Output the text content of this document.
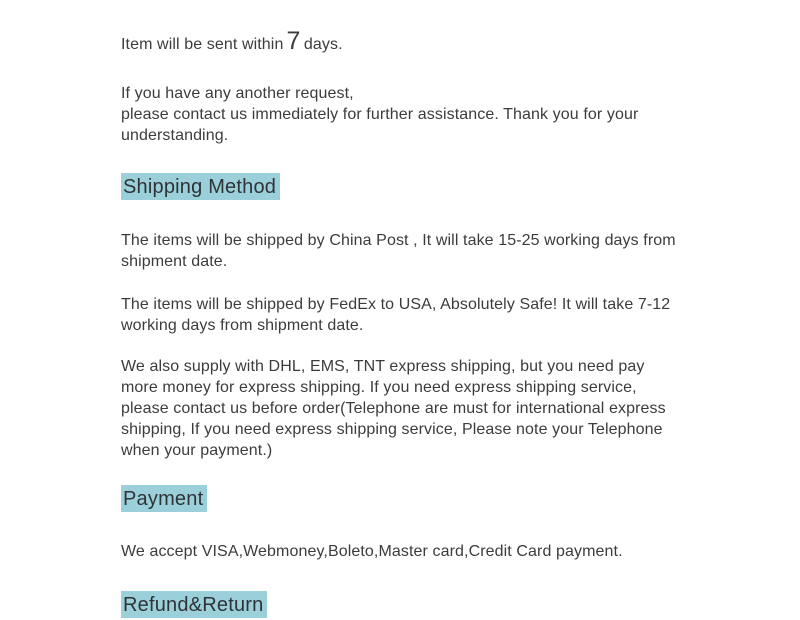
Item will be sent within 7 days.
If you have any another request,
please contact us immediately for further assistance. Thank you for your
understanding.
Shipping Method
The items will be shipped by China Post , It will take 15-25 working days from
shipment date.
The items will be shipped by FedEx to USA, Absolutely Safe! It will take 7-12
working days from shipment date.
We also supply with DHL, EMS, TNT express shipping, but you need pay
more money for express shipping. If you need express shipping service,
please contact us before order(Telephone are must for international express
shipping, If you need express shipping service, Please note your Telephone
when your payment.)
Payment
We accept VISA,Webmoney,Boleto,Master card,Credit Card payment.
Refund&Return
